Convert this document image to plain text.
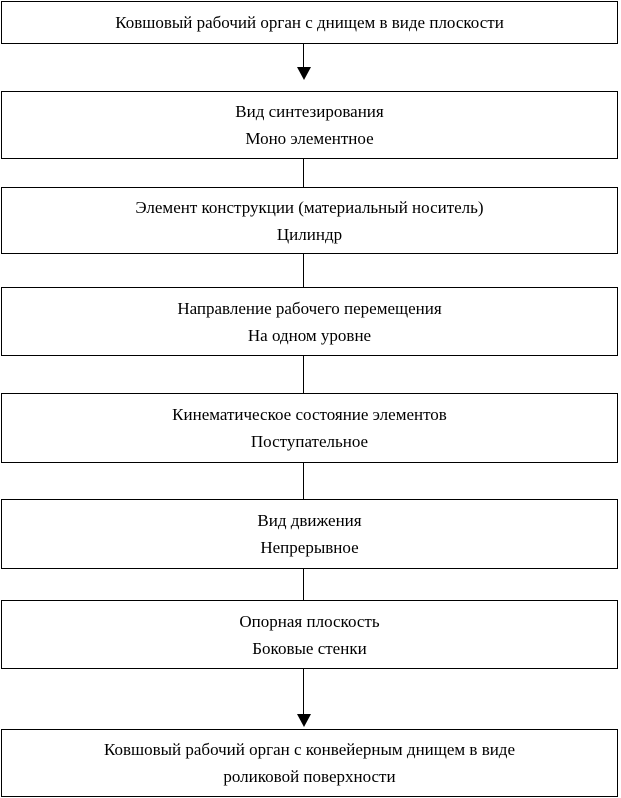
Ковшовый рабочий орган с днищем в виде плоскости
Вид синтезирования
Моно элементное
Элемент конструкции (материальный носитель)
Цилиндр
Направление рабочего перемещения
На одном уровне
Кинематическое состояние элементов
Поступательное
Вид движения
Непрерывное
Опорная плоскость
Боковые стенки
Ковшовый рабочий орган с конвейерным днищем в виде
роликовой поверхности
